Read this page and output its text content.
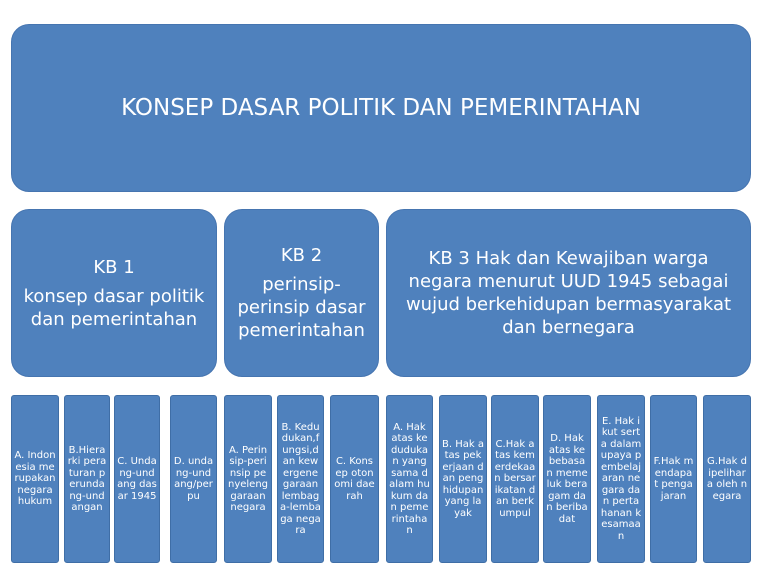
KONSEP DASAR POLITIK DAN PEMERINTAHAN
KB 1
konsep dasar politik dan pemerintahan
KB 2
perinsip-perinsip dasar pemerintahan
KB 3 Hak dan Kewajiban warga negara menurut UUD 1945 sebagai wujud berkehidupan bermasyarakat dan bernegara
A. Indonesia merupakan negara hukum
B.Hierarki peraturan perundang-undangan
C. Undang-undang dasar 1945
D. undang-undang/perpu
A. Perinsip-perinsip penyelenggaraan negara
B. Kedudukan,fungsi,dan kewergenegaraan lembaga-lembaga negara
C. Konsep otonomi daerah
A. Hak atas kedudukan yang sama dalam hukum dan pemerintahan
B. Hak atas pekerjaan dan penghidupan yang layak
C.Hak atas kemerdekaan bersarikatan dan berkumpul
D. Hak atas kebebasan memeluk beragam dan beribadat
E. Hak ikut serta dalam upaya pembelajaran negara dan pertahanan kesamaan
F.Hak mendapat pengajaran
G.Hak dipelihara oleh negara
